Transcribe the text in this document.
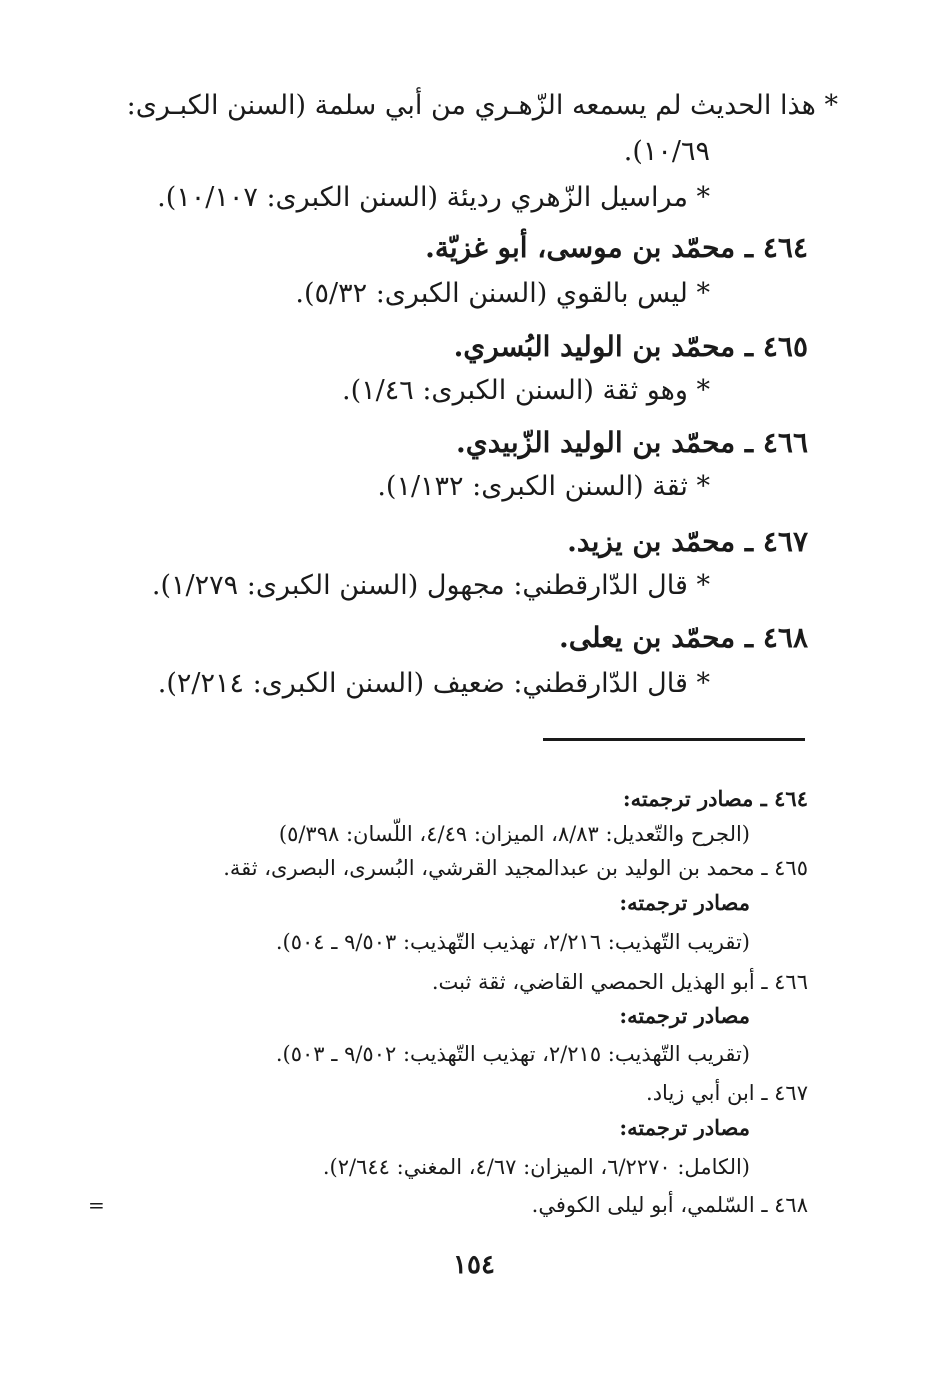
* هذا الحديث لم يسمعه الزّهـري من أبي سلمة (السنن الكبـرى:
١٠/٦٩).
* مراسيل الزّهري رديئة (السنن الكبرى: ١٠/١٠٧).
٤٦٤ ـ محمّد بن موسى، أبو غزيّة.
* ليس بالقوي (السنن الكبرى: ٥/٣٢).
٤٦٥ ـ محمّد بن الوليد البُسري.
* وهو ثقة (السنن الكبرى: ١/٤٦).
٤٦٦ ـ محمّد بن الوليد الزّبيدي.
* ثقة (السنن الكبرى: ١/١٣٢).
٤٦٧ ـ محمّد بن يزيد.
* قال الدّارقطني: مجهول (السنن الكبرى: ١/٢٧٩).
٤٦٨ ـ محمّد بن يعلى.
* قال الدّارقطني: ضعيف (السنن الكبرى: ٢/٢١٤).
٤٦٤ ـ مصادر ترجمته:
(الجرح والتّعديل: ٨/٨٣، الميزان: ٤/٤٩، اللّسان: ٥/٣٩٨)
٤٦٥ ـ محمد بن الوليد بن عبدالمجيد القرشي، البُسرى، البصرى، ثقة.
مصادر ترجمته:
(تقريب التّهذيب: ٢/٢١٦، تهذيب التّهذيب: ٩/٥٠٣ ـ ٥٠٤).
٤٦٦ ـ أبو الهذيل الحمصي القاضي، ثقة ثبت.
مصادر ترجمته:
(تقريب التّهذيب: ٢/٢١٥، تهذيب التّهذيب: ٩/٥٠٢ ـ ٥٠٣).
٤٦٧ ـ ابن أبي زياد.
مصادر ترجمته:
(الكامل: ٦/٢٢٧٠، الميزان: ٤/٦٧، المغني: ٢/٦٤٤).
٤٦٨ ـ السّلمي، أبو ليلى الكوفي.
=
١٥٤
